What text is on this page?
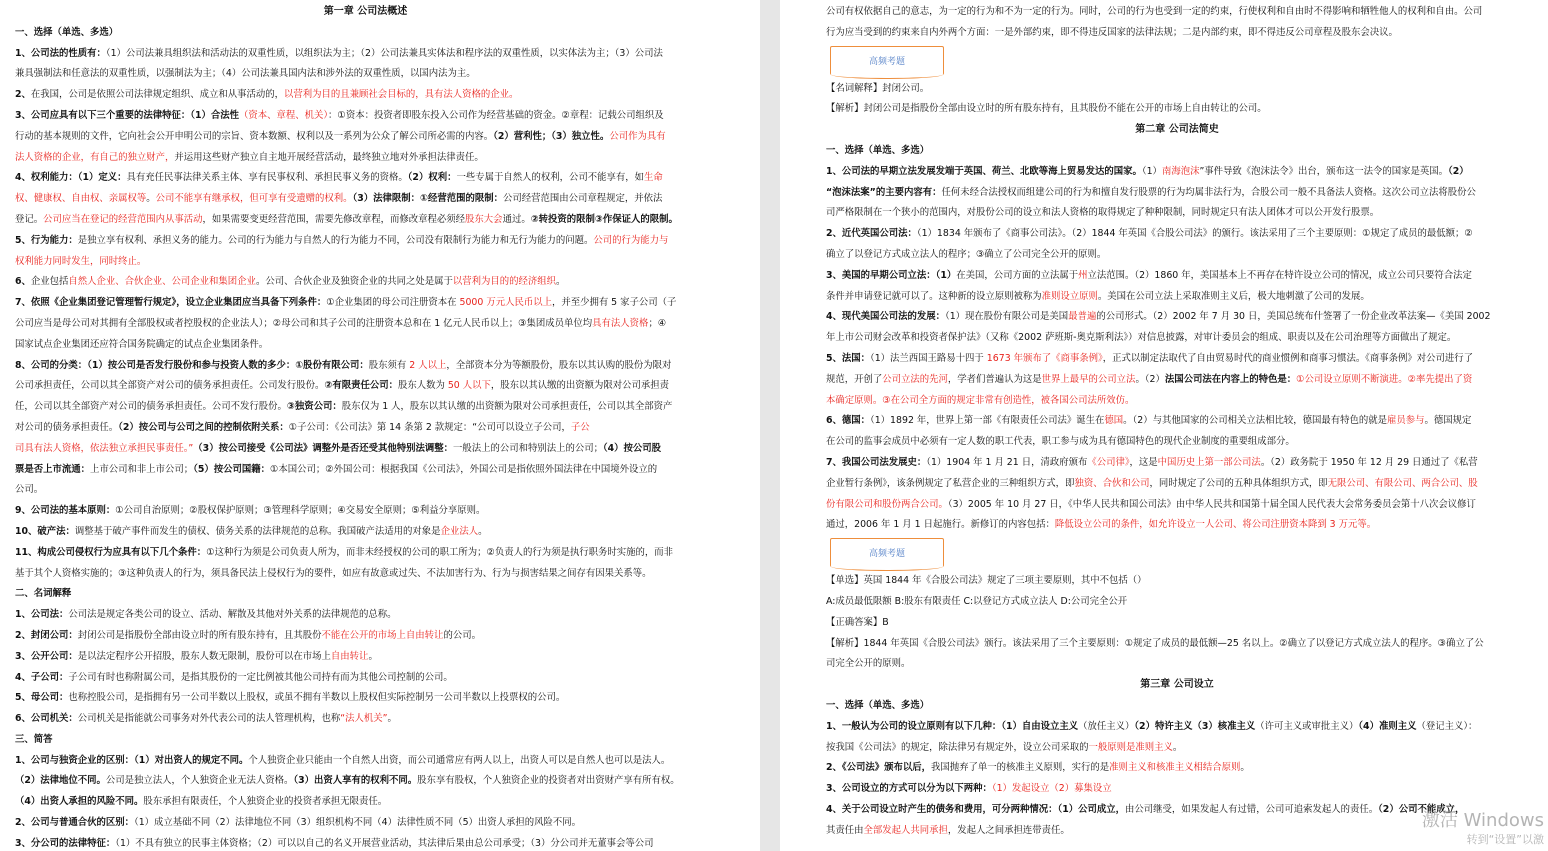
第一章 公司法概述
一、选择（单选、多选）
1、公司法的性质有：（1）公司法兼具组织法和活动法的双重性质，以组织法为主；（2）公司法兼具实体法和程序法的双重性质，以实体法为主；（3）公司法
兼具强制法和任意法的双重性质，以强制法为主；（4）公司法兼具国内法和涉外法的双重性质，以国内法为主。
2、在我国，公司是依照公司法律规定组织、成立和从事活动的，以营利为目的且兼顾社会目标的，具有法人资格的企业。
3、公司应具有以下三个重要的法律特征：（1）合法性（资本、章程、机关）：①资本：投资者即股东投入公司作为经营基础的资金。②章程：记载公司组织及
行动的基本规则的文件，它向社会公开申明公司的宗旨、资本数额、权利以及一系列为公众了解公司所必需的内容。（2）营利性；（3）独立性。公司作为具有
法人资格的企业，有自己的独立财产，并运用这些财产独立自主地开展经营活动，最终独立地对外承担法律责任。
4、权利能力：（1）定义：具有充任民事法律关系主体、享有民事权利、承担民事义务的资格。（2）权利：一些专属于自然人的权利，公司不能享有，如生命
权、健康权、自由权、亲属权等。公司不能享有继承权，但可享有受遗赠的权利。（3）法律限制：①经营范围的限制：公司经营范围由公司章程规定，并依法
登记。公司应当在登记的经营范围内从事活动，如果需要变更经营范围，需要先修改章程，而修改章程必须经股东大会通过。②转投资的限制③作保证人的限制。
5、行为能力：是独立享有权利、承担义务的能力。公司的行为能力与自然人的行为能力不同，公司没有限制行为能力和无行为能力的问题。公司的行为能力与
权利能力同时发生，同时终止。
6、企业包括自然人企业、合伙企业、公司企业和集团企业。公司、合伙企业及独资企业的共同之处是属于以营利为目的的经济组织。
7、依照《企业集团登记管理暂行规定》，设立企业集团应当具备下列条件：①企业集团的母公司注册资本在 5000 万元人民币以上，并至少拥有 5 家子公司（子
公司应当是母公司对其拥有全部股权或者控股权的企业法人）；②母公司和其子公司的注册资本总和在 1 亿元人民币以上；③集团成员单位均具有法人资格；④
国家试点企业集团还应符合国务院确定的试点企业集团条件。
8、公司的分类：（1）按公司是否发行股份和参与投资人数的多少：①股份有限公司：股东须有 2 人以上，全部资本分为等额股份，股东以其认购的股份为限对
公司承担责任，公司以其全部资产对公司的债务承担责任。公司发行股份。②有限责任公司：股东人数为 50 人以下，股东以其认缴的出资额为限对公司承担责
任，公司以其全部资产对公司的债务承担责任。公司不发行股份。③独资公司：股东仅为 1 人，股东以其认缴的出资额为限对公司承担责任，公司以其全部资产
对公司的债务承担责任。（2）按公司与公司之间的控制依附关系：①子公司：《公司法》第 14 条第 2 款规定：“公司可以设立子公司，子公
司具有法人资格，依法独立承担民事责任。”（3）按公司接受《公司法》调整外是否还受其他特别法调整：一般法上的公司和特别法上的公司；（4）按公司股
票是否上市流通：上市公司和非上市公司；（5）按公司国籍：①本国公司；②外国公司：根据我国《公司法》，外国公司是指依照外国法律在中国境外设立的
公司。
9、公司法的基本原则：①公司自治原则；②股权保护原则；③管理科学原则；④交易安全原则；⑤利益分享原则。
10、破产法：调整基于破产事件而发生的债权、债务关系的法律规范的总称。我国破产法适用的对象是企业法人。
11、构成公司侵权行为应具有以下几个条件：①这种行为须是公司负责人所为，而非未经授权的公司的职工所为；②负责人的行为须是执行职务时实施的，而非
基于其个人资格实施的；③这种负责人的行为，须具备民法上侵权行为的要件，如应有故意或过失、不法加害行为、行为与损害结果之间存有因果关系等。
二、名词解释
1、公司法：公司法是规定各类公司的设立、活动、解散及其他对外关系的法律规范的总称。
2、封闭公司：封闭公司是指股份全部由设立时的所有股东持有，且其股份不能在公开的市场上自由转让的公司。
3、公开公司：是以法定程序公开招股，股东人数无限制，股份可以在市场上自由转让。
4、子公司：子公司有时也称附属公司，是指其股份的一定比例被其他公司持有而为其他公司控制的公司。
5、母公司：也称控股公司，是指拥有另一公司半数以上股权，或虽不拥有半数以上股权但实际控制另一公司半数以上投票权的公司。
6、公司机关：公司机关是指能就公司事务对外代表公司的法人管理机构，也称“法人机关”。
三、简答
1、公司与独资企业的区别：（1）对出资人的规定不同。个人独资企业只能由一个自然人出资，而公司通常应有两人以上，出资人可以是自然人也可以是法人。
（2）法律地位不同。公司是独立法人，个人独资企业无法人资格。（3）出资人享有的权利不同。股东享有股权，个人独资企业的投资者对出资财产享有所有权。
（4）出资人承担的风险不同。股东承担有限责任，个人独资企业的投资者承担无限责任。
2、公司与普通合伙的区别：（1）成立基础不同（2）法律地位不同（3）组织机构不同（4）法律性质不同（5）出资人承担的风险不同。
3、分公司的法律特征：（1）不具有独立的民事主体资格；（2）可以以自己的名义开展营业活动，其法律后果由总公司承受；（3）分公司并无董事会等公司
公司有权依据自己的意志，为一定的行为和不为一定的行为。同时，公司的行为也受到一定的约束，行使权利和自由时不得影响和牺牲他人的权利和自由。公司
行为应当受到的约束来自内外两个方面：一是外部约束，即不得违反国家的法律法规；二是内部约束，即不得违反公司章程及股东会决议。
高频考题
【名词解释】封闭公司。
【解析】封闭公司是指股份全部由设立时的所有股东持有，且其股份不能在公开的市场上自由转让的公司。
第二章 公司法简史
一、选择（单选、多选）
1、公司法的早期立法发展发端于英国、荷兰、北欧等海上贸易发达的国家。（1）南海泡沫”事件导致《泡沫法令》出台，颁布这一法令的国家是英国。（2）
“泡沫法案”的主要内容有：任何未经合法授权而组建公司的行为和擅自发行股票的行为均属非法行为，合股公司一般不具备法人资格。这次公司立法将股份公
司严格限制在一个狭小的范围内，对股份公司的设立和法人资格的取得规定了种种限制，同时规定只有法人团体才可以公开发行股票。
2、近代英国公司法：（1）1834 年颁布了《商事公司法》。（2）1844 年英国《合股公司法》的颁行。该法采用了三个主要原则：①规定了成员的最低额；②
确立了以登记方式成立法人的程序；③确立了公司完全公开的原则。
3、美国的早期公司立法：（1）在美国，公司方面的立法属于州立法范围。（2）1860 年，美国基本上不再存在特许设立公司的情况，成立公司只要符合法定
条件并申请登记就可以了。这种新的设立原则被称为准则设立原则。美国在公司立法上采取准则主义后，极大地刺激了公司的发展。
4、现代美国公司法的发展：（1）现在股份有限公司是美国最普遍的公司形式。（2）2002 年 7 月 30 日，美国总统布什签署了一份企业改革法案—《美国 2002
年上市公司财会改革和投资者保护法》（又称《2002 萨班斯-奥克斯利法》）对信息披露，对审计委员会的组成、职责以及在公司治理等方面做出了规定。
5、法国：（1）法兰西国王路易十四于 1673 年颁布了《商事条例》，正式以制定法取代了自由贸易时代的商业惯例和商事习惯法。《商事条例》对公司进行了
规范，开创了公司立法的先河，学者们普遍认为这是世界上最早的公司立法。（2）法国公司法在内容上的特色是：①公司设立原则不断演进。②率先提出了资
本确定原则。③在公司全方面的规定非常有创造性，被各国公司法所效仿。
6、德国：（1）1892 年，世界上第一部《有限责任公司法》诞生在德国。（2）与其他国家的公司相关立法相比较，德国最有特色的就是雇员参与。德国规定
在公司的监事会成员中必须有一定人数的职工代表，职工参与成为具有德国特色的现代企业制度的重要组成部分。
7、我国公司法发展史：（1）1904 年 1 月 21 日，清政府颁布《公司律》，这是中国历史上第一部公司法。（2）政务院于 1950 年 12 月 29 日通过了《私营
企业暂行条例》，该条例规定了私营企业的三种组织方式，即独资、合伙和公司，同时规定了公司的五种具体组织方式，即无限公司、有限公司、两合公司、股
份有限公司和股份两合公司。（3）2005 年 10 月 27 日，《中华人民共和国公司法》由中华人民共和国第十届全国人民代表大会常务委员会第十八次会议修订
通过，2006 年 1 月 1 日起施行。新修订的内容包括：降低设立公司的条件，如允许设立一人公司、将公司注册资本降到 3 万元等。
高频考题
【单选】英国 1844 年《合股公司法》规定了三项主要原则，其中不包括（）
A:成员最低限额 B:股东有限责任 C:以登记方式成立法人 D:公司完全公开
【正确答案】B
【解析】1844 年英国《合股公司法》颁行。该法采用了三个主要原则：①规定了成员的最低额—25 名以上。②确立了以登记方式成立法人的程序。③确立了公
司完全公开的原则。
第三章 公司设立
一、选择（单选、多选）
1、一般认为公司的设立原则有以下几种：（1）自由设立主义（放任主义）（2）特许主义（3）核准主义（许可主义或审批主义）（4）准则主义（登记主义）：
按我国《公司法》的规定，除法律另有规定外，设立公司采取的一般原则是准则主义。
2、《公司法》颁布以后，我国抛弃了单一的核准主义原则，实行的是准则主义和核准主义相结合原则。
3、公司设立的方式可以分为以下两种：（1）发起设立（2）募集设立
4、关于公司设立时产生的债务和费用，可分两种情况：（1）公司成立，由公司继受，如果发起人有过错，公司可追索发起人的责任。（2）公司不能成立，
其责任由全部发起人共同承担，发起人之间承担连带责任。	激活 Windows
转到“设置”以激
